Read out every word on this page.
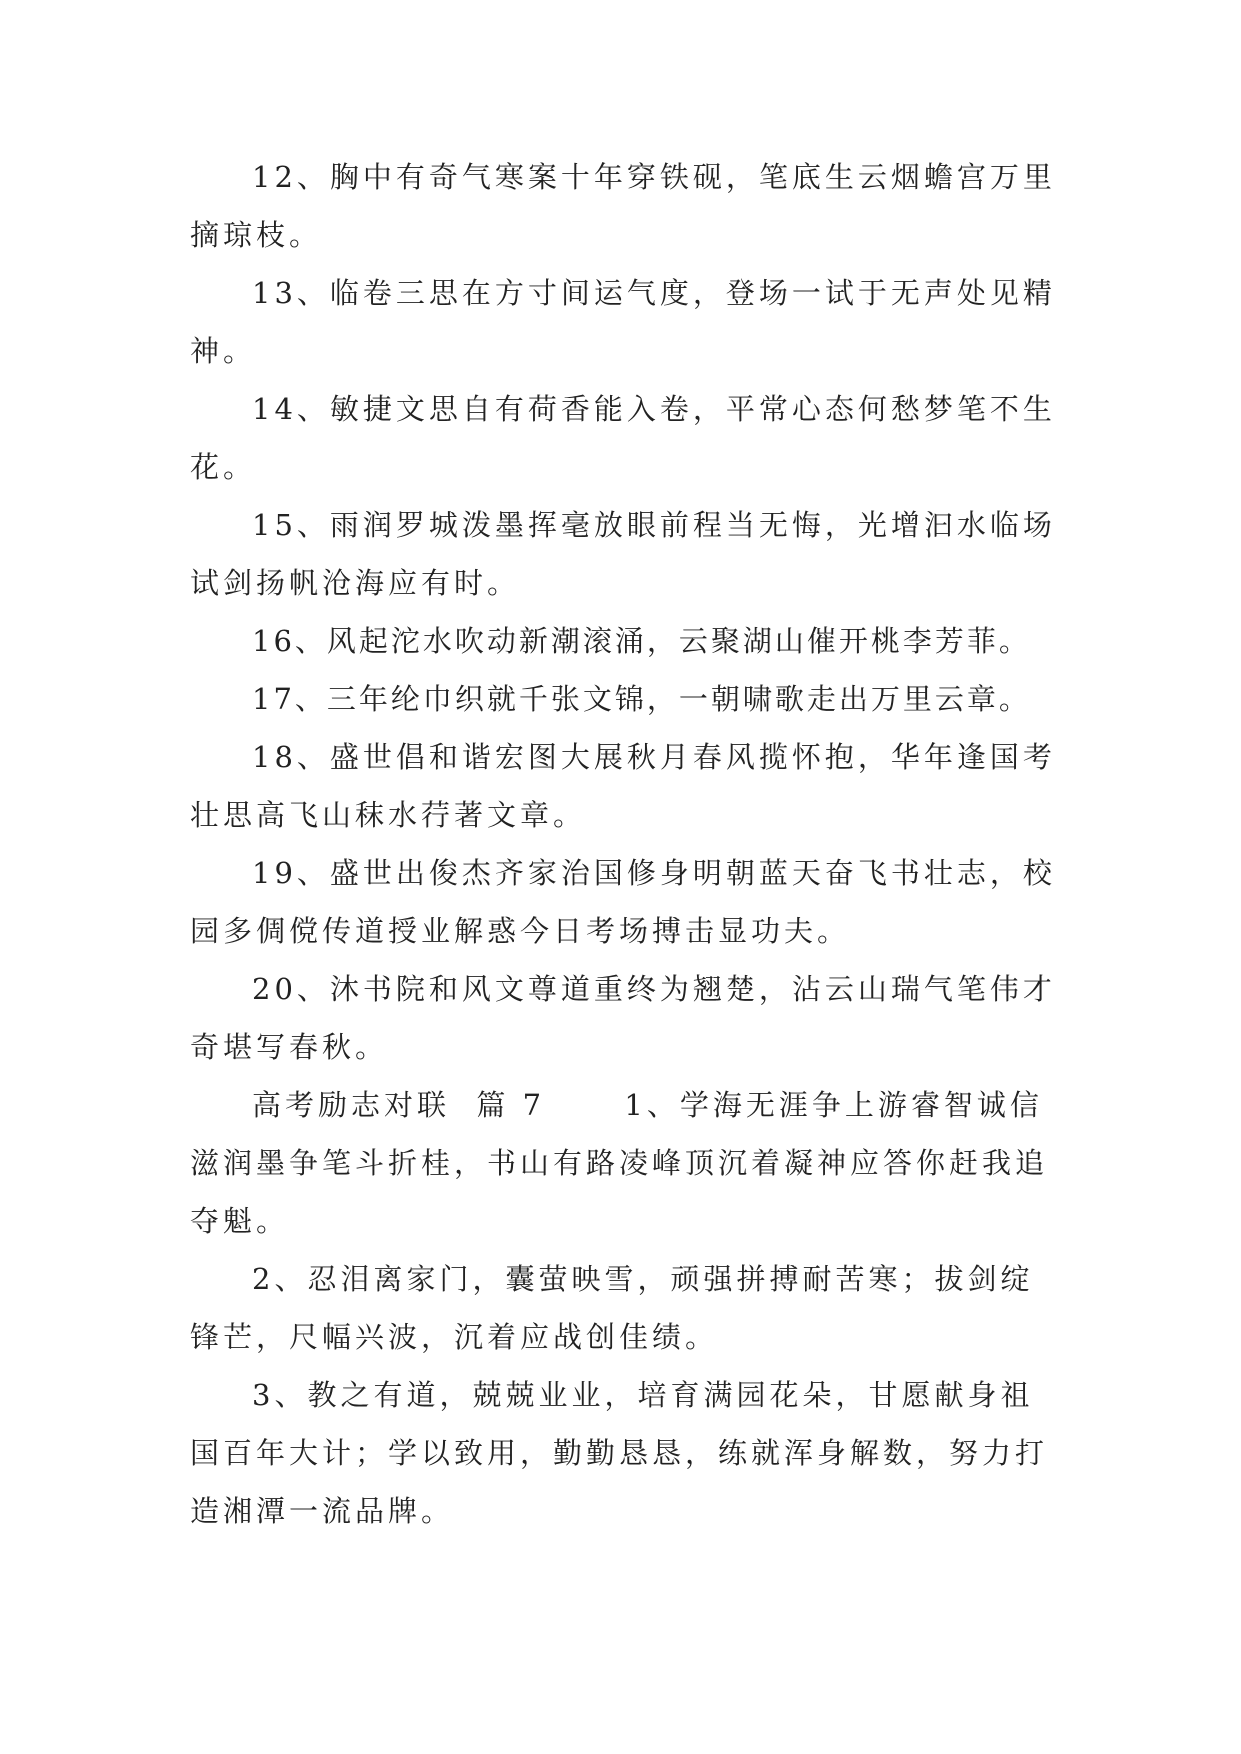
12、胸中有奇气寒案十年穿铁砚，笔底生云烟蟾宫万里摘琼枝。

13、临卷三思在方寸间运气度，登场一试于无声处见精神。

14、敏捷文思自有荷香能入卷，平常心态何愁梦笔不生花。

15、雨润罗城泼墨挥毫放眼前程当无悔，光增汩水临场试剑扬帆沧海应有时。

16、风起沱水吹动新潮滚涌，云聚湖山催开桃李芳菲。

17、三年纶巾织就千张文锦，一朝啸歌走出万里云章。

18、盛世倡和谐宏图大展秋月春风揽怀抱，华年逢国考壮思高飞山秣水荇著文章。

19、盛世出俊杰齐家治国修身明朝蓝天奋飞书壮志，校园多倜傥传道授业解惑今日考场搏击显功夫。

20、沐书院和风文尊道重终为翘楚，沾云山瑞气笔伟才奇堪写春秋。

高考励志对联  篇 7      1、学海无涯争上游睿智诚信滋润墨争笔斗折桂，书山有路凌峰顶沉着凝神应答你赶我追夺魁。

2、忍泪离家门，囊萤映雪，顽强拼搏耐苦寒；拔剑绽锋芒，尺幅兴波，沉着应战创佳绩。

3、教之有道，兢兢业业，培育满园花朵，甘愿献身祖国百年大计；学以致用，勤勤恳恳，练就浑身解数，努力打造湘潭一流品牌。
